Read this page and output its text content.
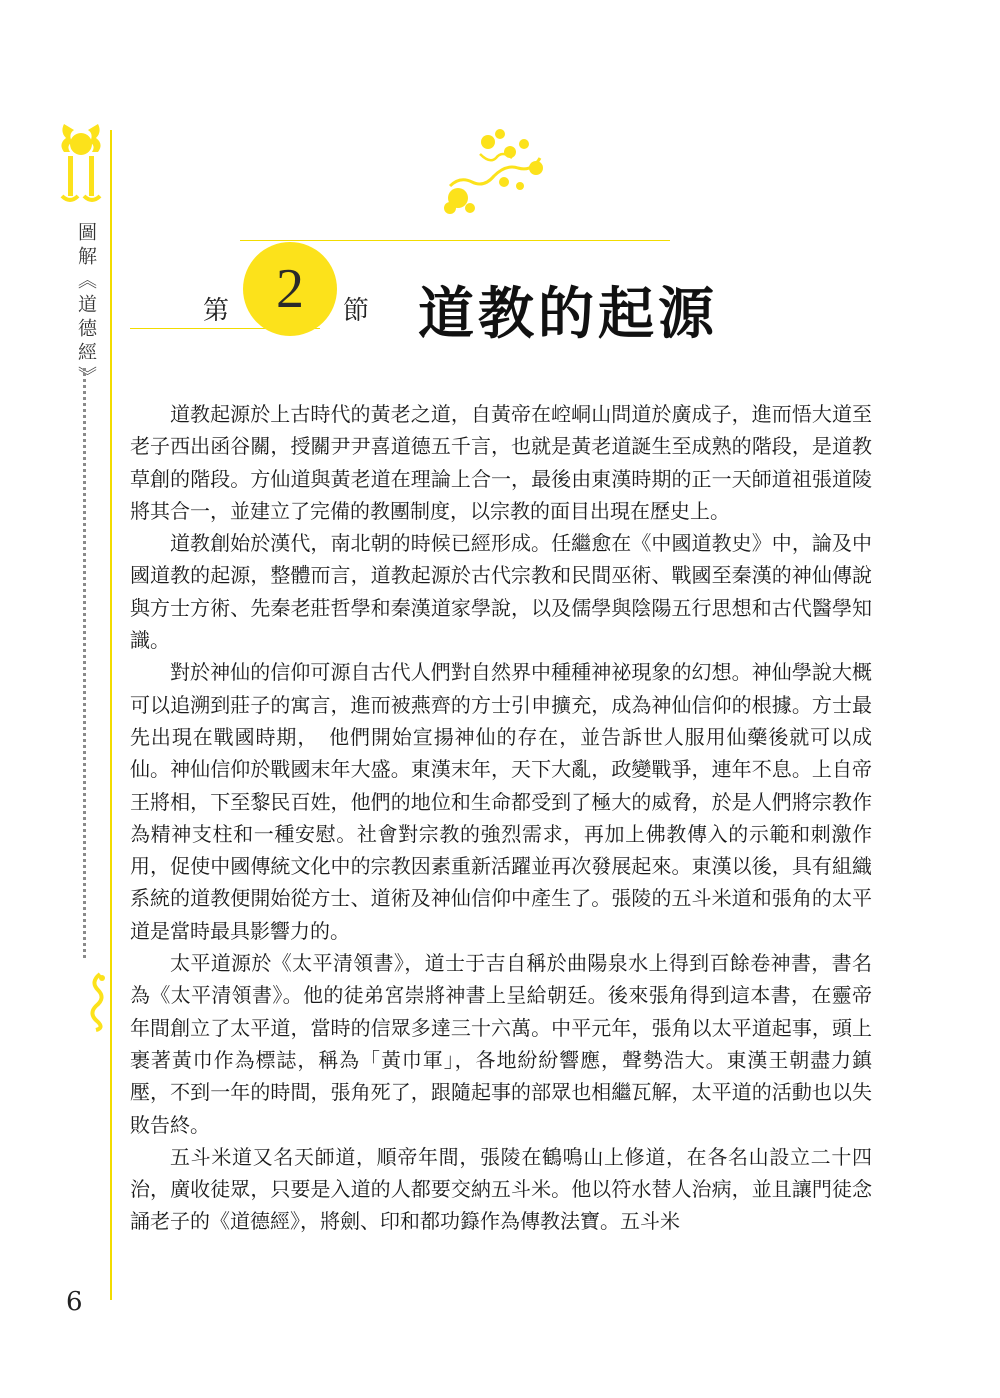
圖解《道德經》
6
2
第	節 道教的起源

道教起源於上古時代的黃老之道，自黃帝在崆峒山問道於廣成子，進而悟大道至老子西出函谷關，授關尹尹喜道德五千言，也就是黃老道誕生至成熟的階段，是道教草創的階段。方仙道與黃老道在理論上合一，最後由東漢時期的正一天師道祖張道陵將其合一，並建立了完備的教團制度，以宗教的面目出現在歷史上。

道教創始於漢代，南北朝的時候已經形成。任繼愈在《中國道教史》中，論及中國道教的起源，整體而言，道教起源於古代宗教和民間巫術、戰國至秦漢的神仙傳說與方士方術、先秦老莊哲學和秦漢道家學說，以及儒學與陰陽五行思想和古代醫學知識。

對於神仙的信仰可源自古代人們對自然界中種種神祕現象的幻想。神仙學說大概可以追溯到莊子的寓言，進而被燕齊的方士引申擴充，成為神仙信仰的根據。方士最先出現在戰國時期，　他們開始宣揚神仙的存在，並告訴世人服用仙藥後就可以成仙。神仙信仰於戰國末年大盛。東漢末年，天下大亂，政變戰爭，連年不息。上自帝王將相，下至黎民百姓，他們的地位和生命都受到了極大的威脅，於是人們將宗教作為精神支柱和一種安慰。社會對宗教的強烈需求，再加上佛教傳入的示範和刺激作用，促使中國傳統文化中的宗教因素重新活躍並再次發展起來。東漢以後，具有組織系統的道教便開始從方士、道術及神仙信仰中產生了。張陵的五斗米道和張角的太平道是當時最具影響力的。

太平道源於《太平清領書》，道士于吉自稱於曲陽泉水上得到百餘卷神書，書名為《太平清領書》。他的徒弟宮崇將神書上呈給朝廷。後來張角得到這本書，在靈帝年間創立了太平道，當時的信眾多達三十六萬。中平元年，張角以太平道起事，頭上裹著黃巾作為標誌，稱為「黃巾軍」，各地紛紛響應，聲勢浩大。東漢王朝盡力鎮壓，不到一年的時間，張角死了，跟隨起事的部眾也相繼瓦解，太平道的活動也以失敗告終。

五斗米道又名天師道，順帝年間，張陵在鶴鳴山上修道，在各名山設立二十四治，廣收徒眾，只要是入道的人都要交納五斗米。他以符水替人治病，並且讓門徒念誦老子的《道德經》，將劍、印和都功籙作為傳教法寶。五斗米
